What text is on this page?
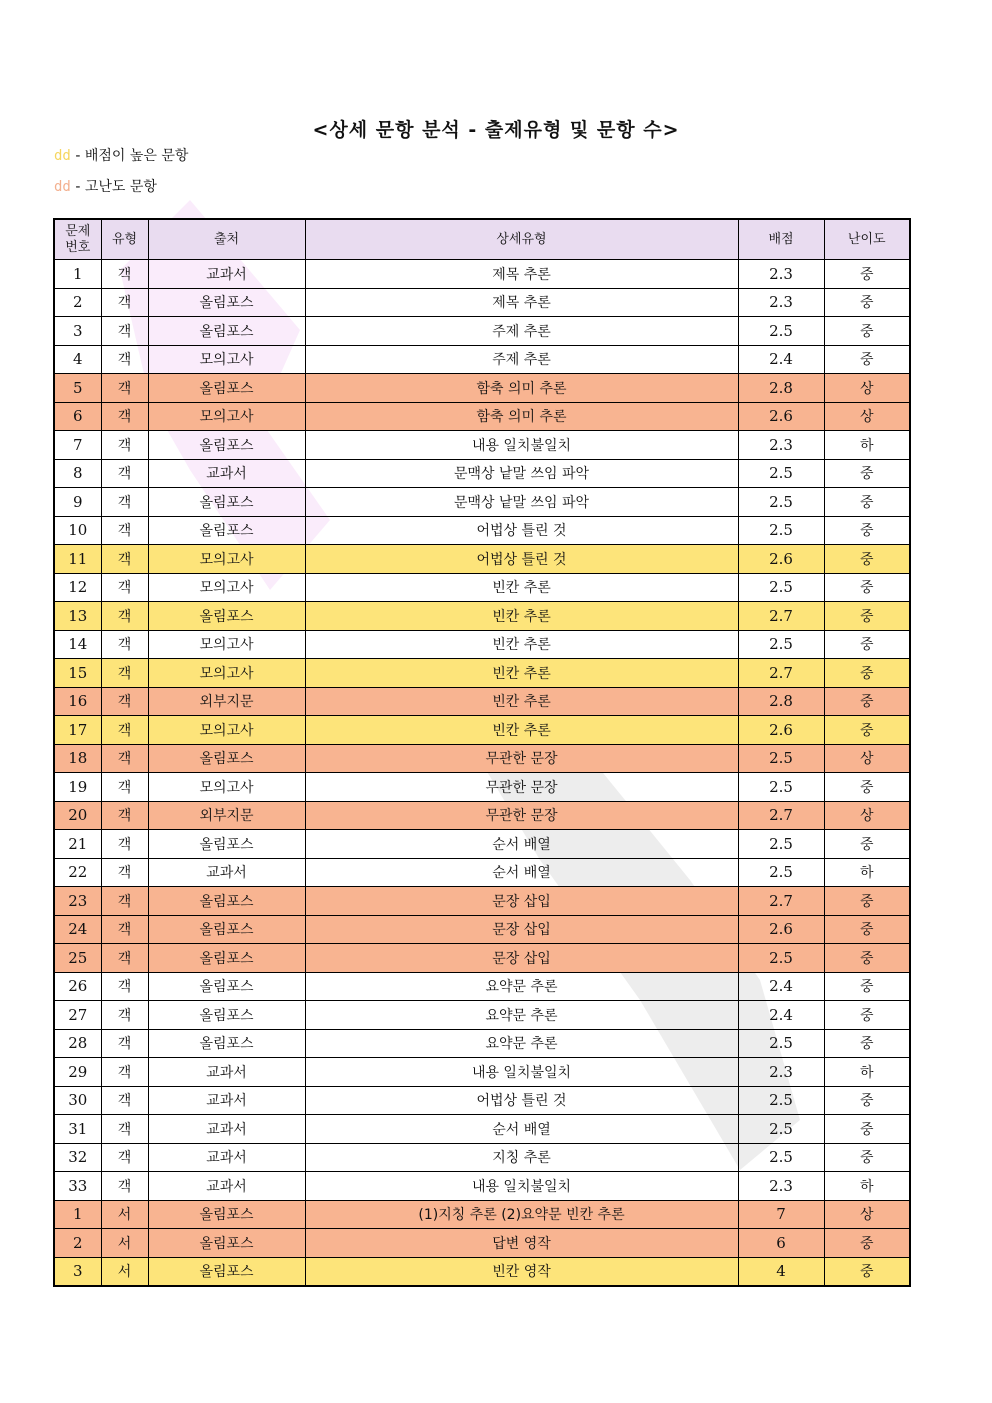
<상세 문항 분석 - 출제유형 및 문항 수>
dd - 배점이 높은 문항
dd - 고난도 문항
문제
번호	유형	출처	상세유형	배점	난이도
1	객	교과서	제목 추론	2.3	중
2	객	올림포스	제목 추론	2.3	중
3	객	올림포스	주제 추론	2.5	중
4	객	모의고사	주제 추론	2.4	중
5	객	올림포스	함축 의미 추론	2.8	상
6	객	모의고사	함축 의미 추론	2.6	상
7	객	올림포스	내용 일치불일치	2.3	하
8	객	교과서	문맥상 낱말 쓰임 파악	2.5	중
9	객	올림포스	문맥상 낱말 쓰임 파악	2.5	중
10	객	올림포스	어법상 틀린 것	2.5	중
11	객	모의고사	어법상 틀린 것	2.6	중
12	객	모의고사	빈칸 추론	2.5	중
13	객	올림포스	빈칸 추론	2.7	중
14	객	모의고사	빈칸 추론	2.5	중
15	객	모의고사	빈칸 추론	2.7	중
16	객	외부지문	빈칸 추론	2.8	중
17	객	모의고사	빈칸 추론	2.6	중
18	객	올림포스	무관한 문장	2.5	상
19	객	모의고사	무관한 문장	2.5	중
20	객	외부지문	무관한 문장	2.7	상
21	객	올림포스	순서 배열	2.5	중
22	객	교과서	순서 배열	2.5	하
23	객	올림포스	문장 삽입	2.7	중
24	객	올림포스	문장 삽입	2.6	중
25	객	올림포스	문장 삽입	2.5	중
26	객	올림포스	요약문 추론	2.4	중
27	객	올림포스	요약문 추론	2.4	중
28	객	올림포스	요약문 추론	2.5	중
29	객	교과서	내용 일치불일치	2.3	하
30	객	교과서	어법상 틀린 것	2.5	중
31	객	교과서	순서 배열	2.5	중
32	객	교과서	지칭 추론	2.5	중
33	객	교과서	내용 일치불일치	2.3	하
1	서	올림포스	(1)지칭 추론 (2)요약문 빈칸 추론	7	상
2	서	올림포스	답변 영작	6	중
3	서	올림포스	빈칸 영작	4	중
